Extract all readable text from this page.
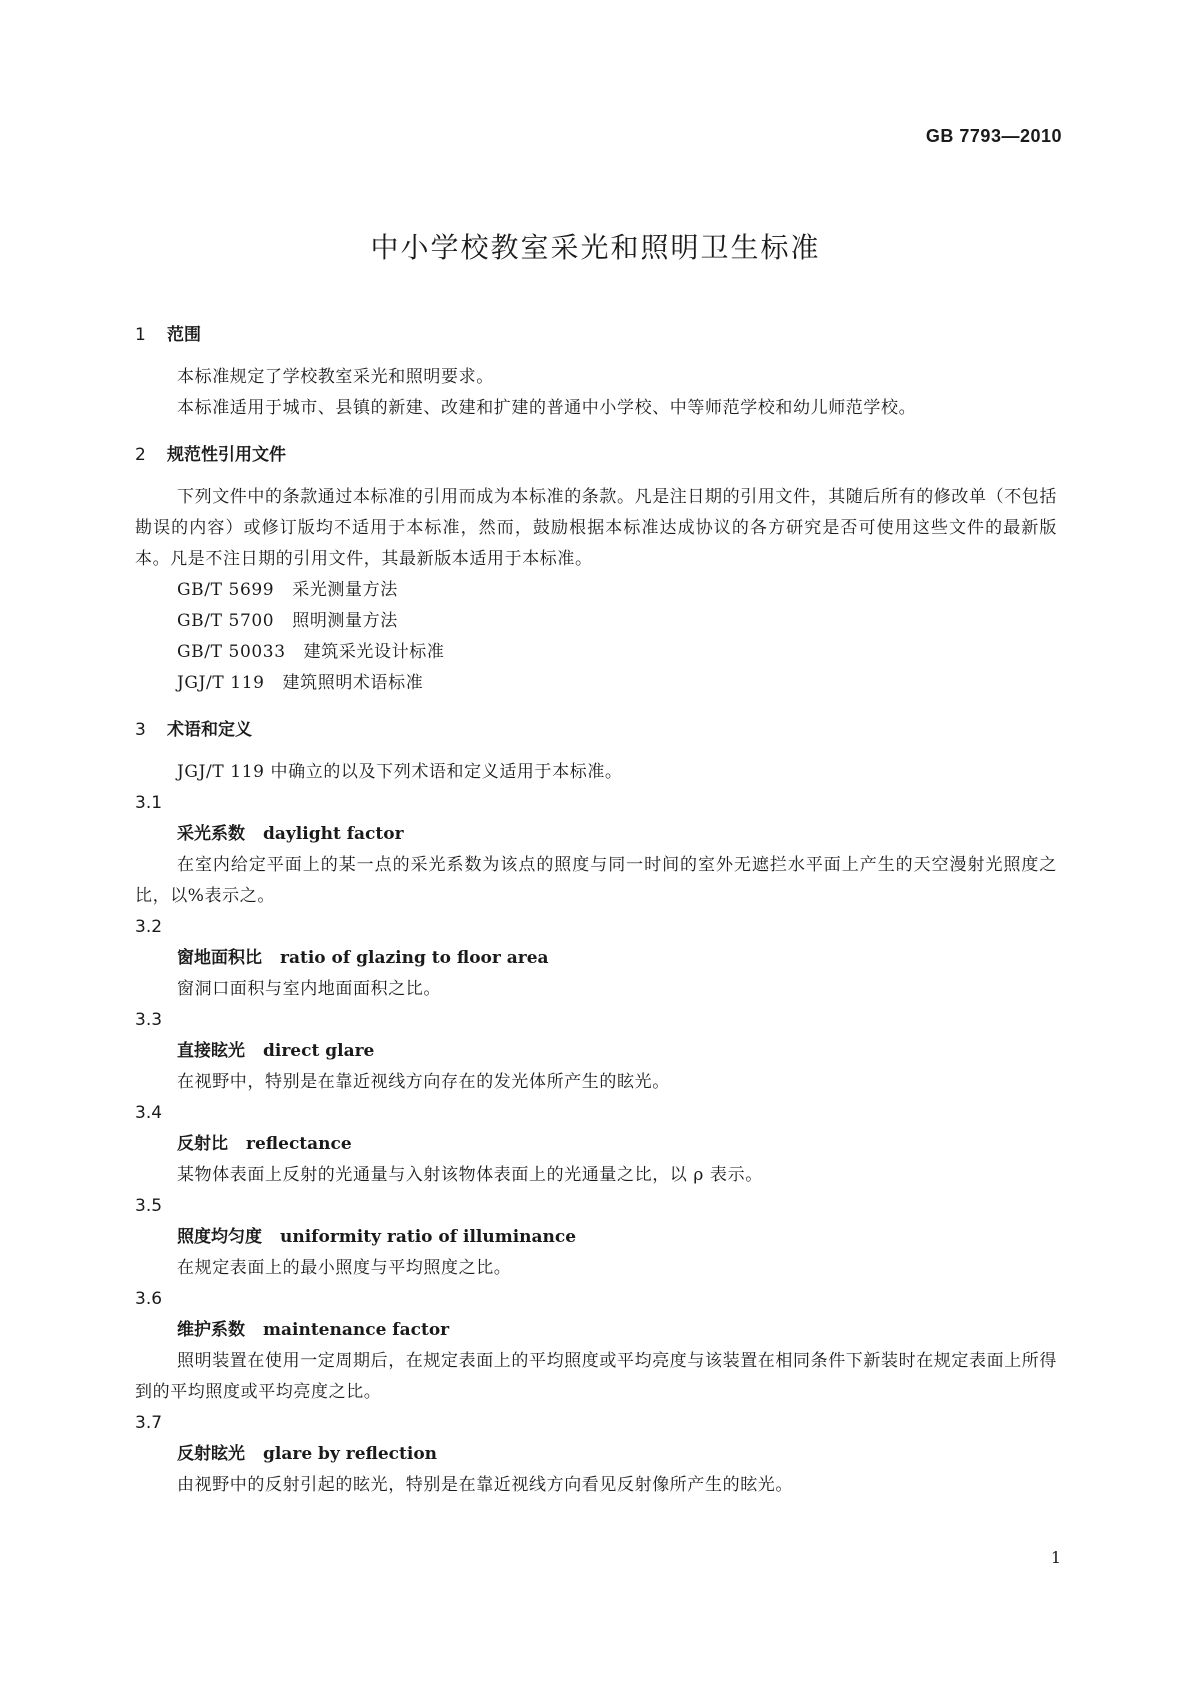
GB 7793—2010
中小学校教室采光和照明卫生标准
1 范围
本标准规定了学校教室采光和照明要求。
本标准适用于城市、县镇的新建、改建和扩建的普通中小学校、中等师范学校和幼儿师范学校。
2 规范性引用文件
下列文件中的条款通过本标准的引用而成为本标准的条款。凡是注日期的引用文件，其随后所有的修改单（不包括勘误的内容）或修订版均不适用于本标准，然而，鼓励根据本标准达成协议的各方研究是否可使用这些文件的最新版本。凡是不注日期的引用文件，其最新版本适用于本标准。
GB/T 5699 采光测量方法
GB/T 5700 照明测量方法
GB/T 50033 建筑采光设计标准
JGJ/T 119 建筑照明术语标准
3 术语和定义
JGJ/T 119 中确立的以及下列术语和定义适用于本标准。
3.1
采光系数 daylight factor
在室内给定平面上的某一点的采光系数为该点的照度与同一时间的室外无遮拦水平面上产生的天空漫射光照度之比，以%表示之。
3.2
窗地面积比 ratio of glazing to floor area
窗洞口面积与室内地面面积之比。
3.3
直接眩光 direct glare
在视野中，特别是在靠近视线方向存在的发光体所产生的眩光。
3.4
反射比 reflectance
某物体表面上反射的光通量与入射该物体表面上的光通量之比，以 ρ 表示。
3.5
照度均匀度 uniformity ratio of illuminance
在规定表面上的最小照度与平均照度之比。
3.6
维护系数 maintenance factor
照明装置在使用一定周期后，在规定表面上的平均照度或平均亮度与该装置在相同条件下新装时在规定表面上所得到的平均照度或平均亮度之比。
3.7
反射眩光 glare by reflection
由视野中的反射引起的眩光，特别是在靠近视线方向看见反射像所产生的眩光。
1
